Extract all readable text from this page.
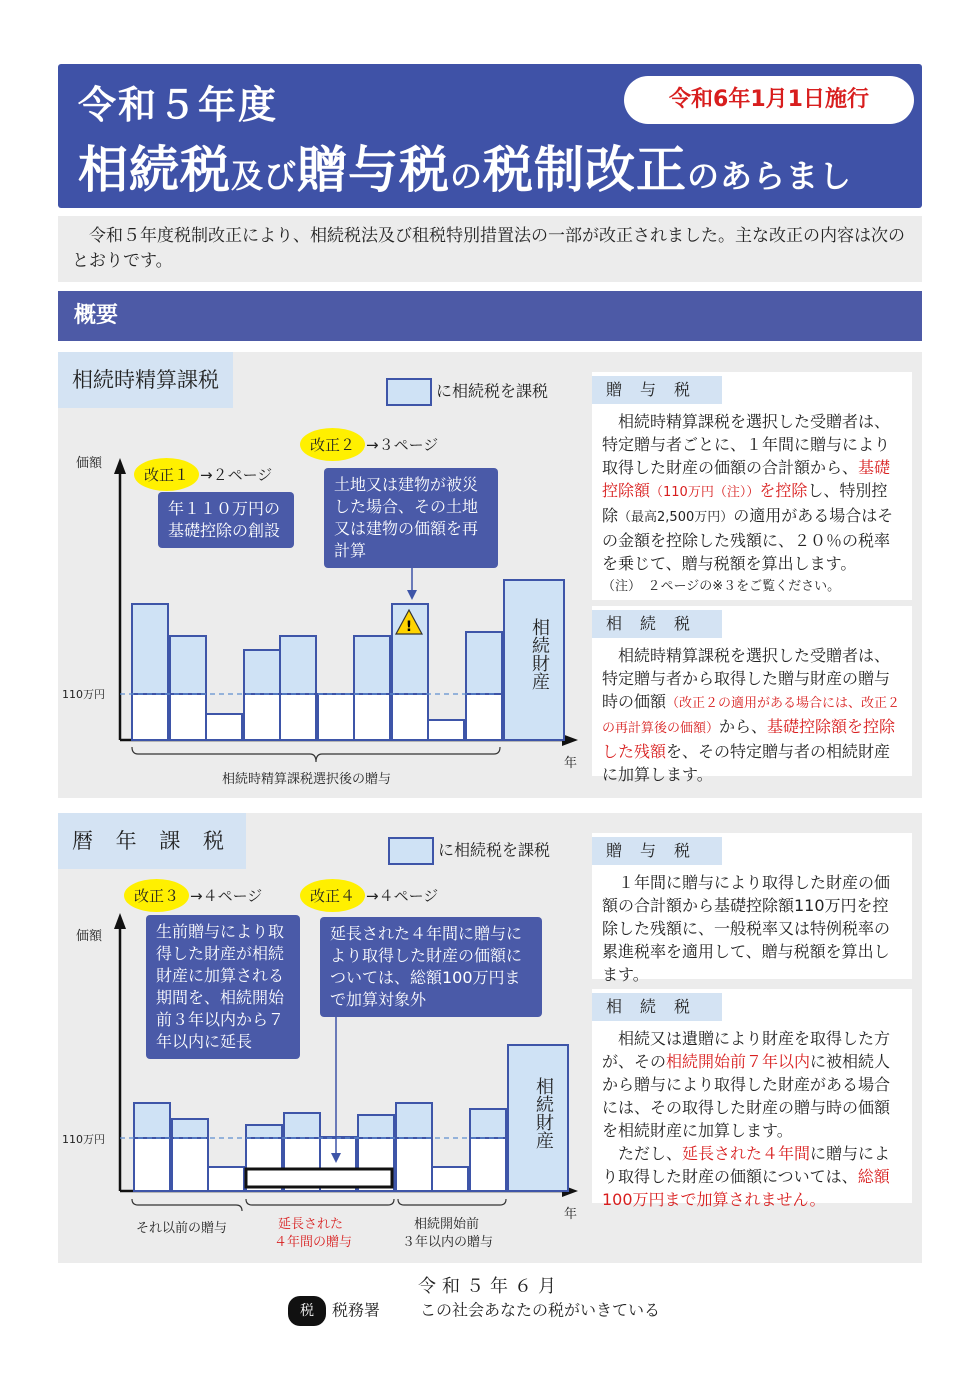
令和５年度	令和6年1月1日施行
相続税及び贈与税の税制改正のあらまし
令和５年度税制改正により、相続税法及び租税特別措置法の一部が改正されました。主な改正の内容は次のとおりです。
概要
相続時精算課税	に相続税を課税
!
価額
110万円
年
相続時精算課税選択後の贈与
相続財産
改正１ →２ページ
年１１０万円の基礎控除の創設
改正２ →３ページ
土地又は建物が被災した場合、その土地又は建物の価額を再計算
贈与税
相続時精算課税を選択した受贈者は、特定贈与者ごとに、１年間に贈与により取得した財産の価額の合計額から、基礎控除額（110万円（注））を控除し、特別控除（最高2,500万円）の適用がある場合はその金額を控除した残額に、２０％の税率を乗じて、贈与税額を算出します。
（注）　２ページの※３をご覧ください。
相続税
相続時精算課税を選択した受贈者は、特定贈与者から取得した贈与財産の贈与時の価額（改正２の適用がある場合には、改正２の再計算後の価額）から、基礎控除額を控除した残額を、その特定贈与者の相続財産に加算します。
暦 年 課 税	に相続税を課税
価額
110万円
年
それ以前の贈与	延長された
４年間の贈与
相続開始前
３年以内の贈与
相続財産
改正３ →４ページ
生前贈与により取得した財産が相続財産に加算される期間を、相続開始前３年以内から７年以内に延長
改正４ →４ページ
延長された４年間に贈与により取得した財産の価額については、総額100万円まで加算対象外
贈与税
１年間に贈与により取得した財産の価額の合計額から基礎控除額110万円を控除した残額に、一般税率又は特例税率の累進税率を適用して、贈与税額を算出します。
相続税
相続又は遺贈により財産を取得した方が、その相続開始前７年以内に被相続人から贈与により取得した財産がある場合には、その取得した財産の贈与時の価額を相続財産に加算します。
ただし、延長された４年間に贈与により取得した財産の価額については、総額100万円まで加算されません。
令和５年６月
税 税務署	この社会あなたの税がいきている
